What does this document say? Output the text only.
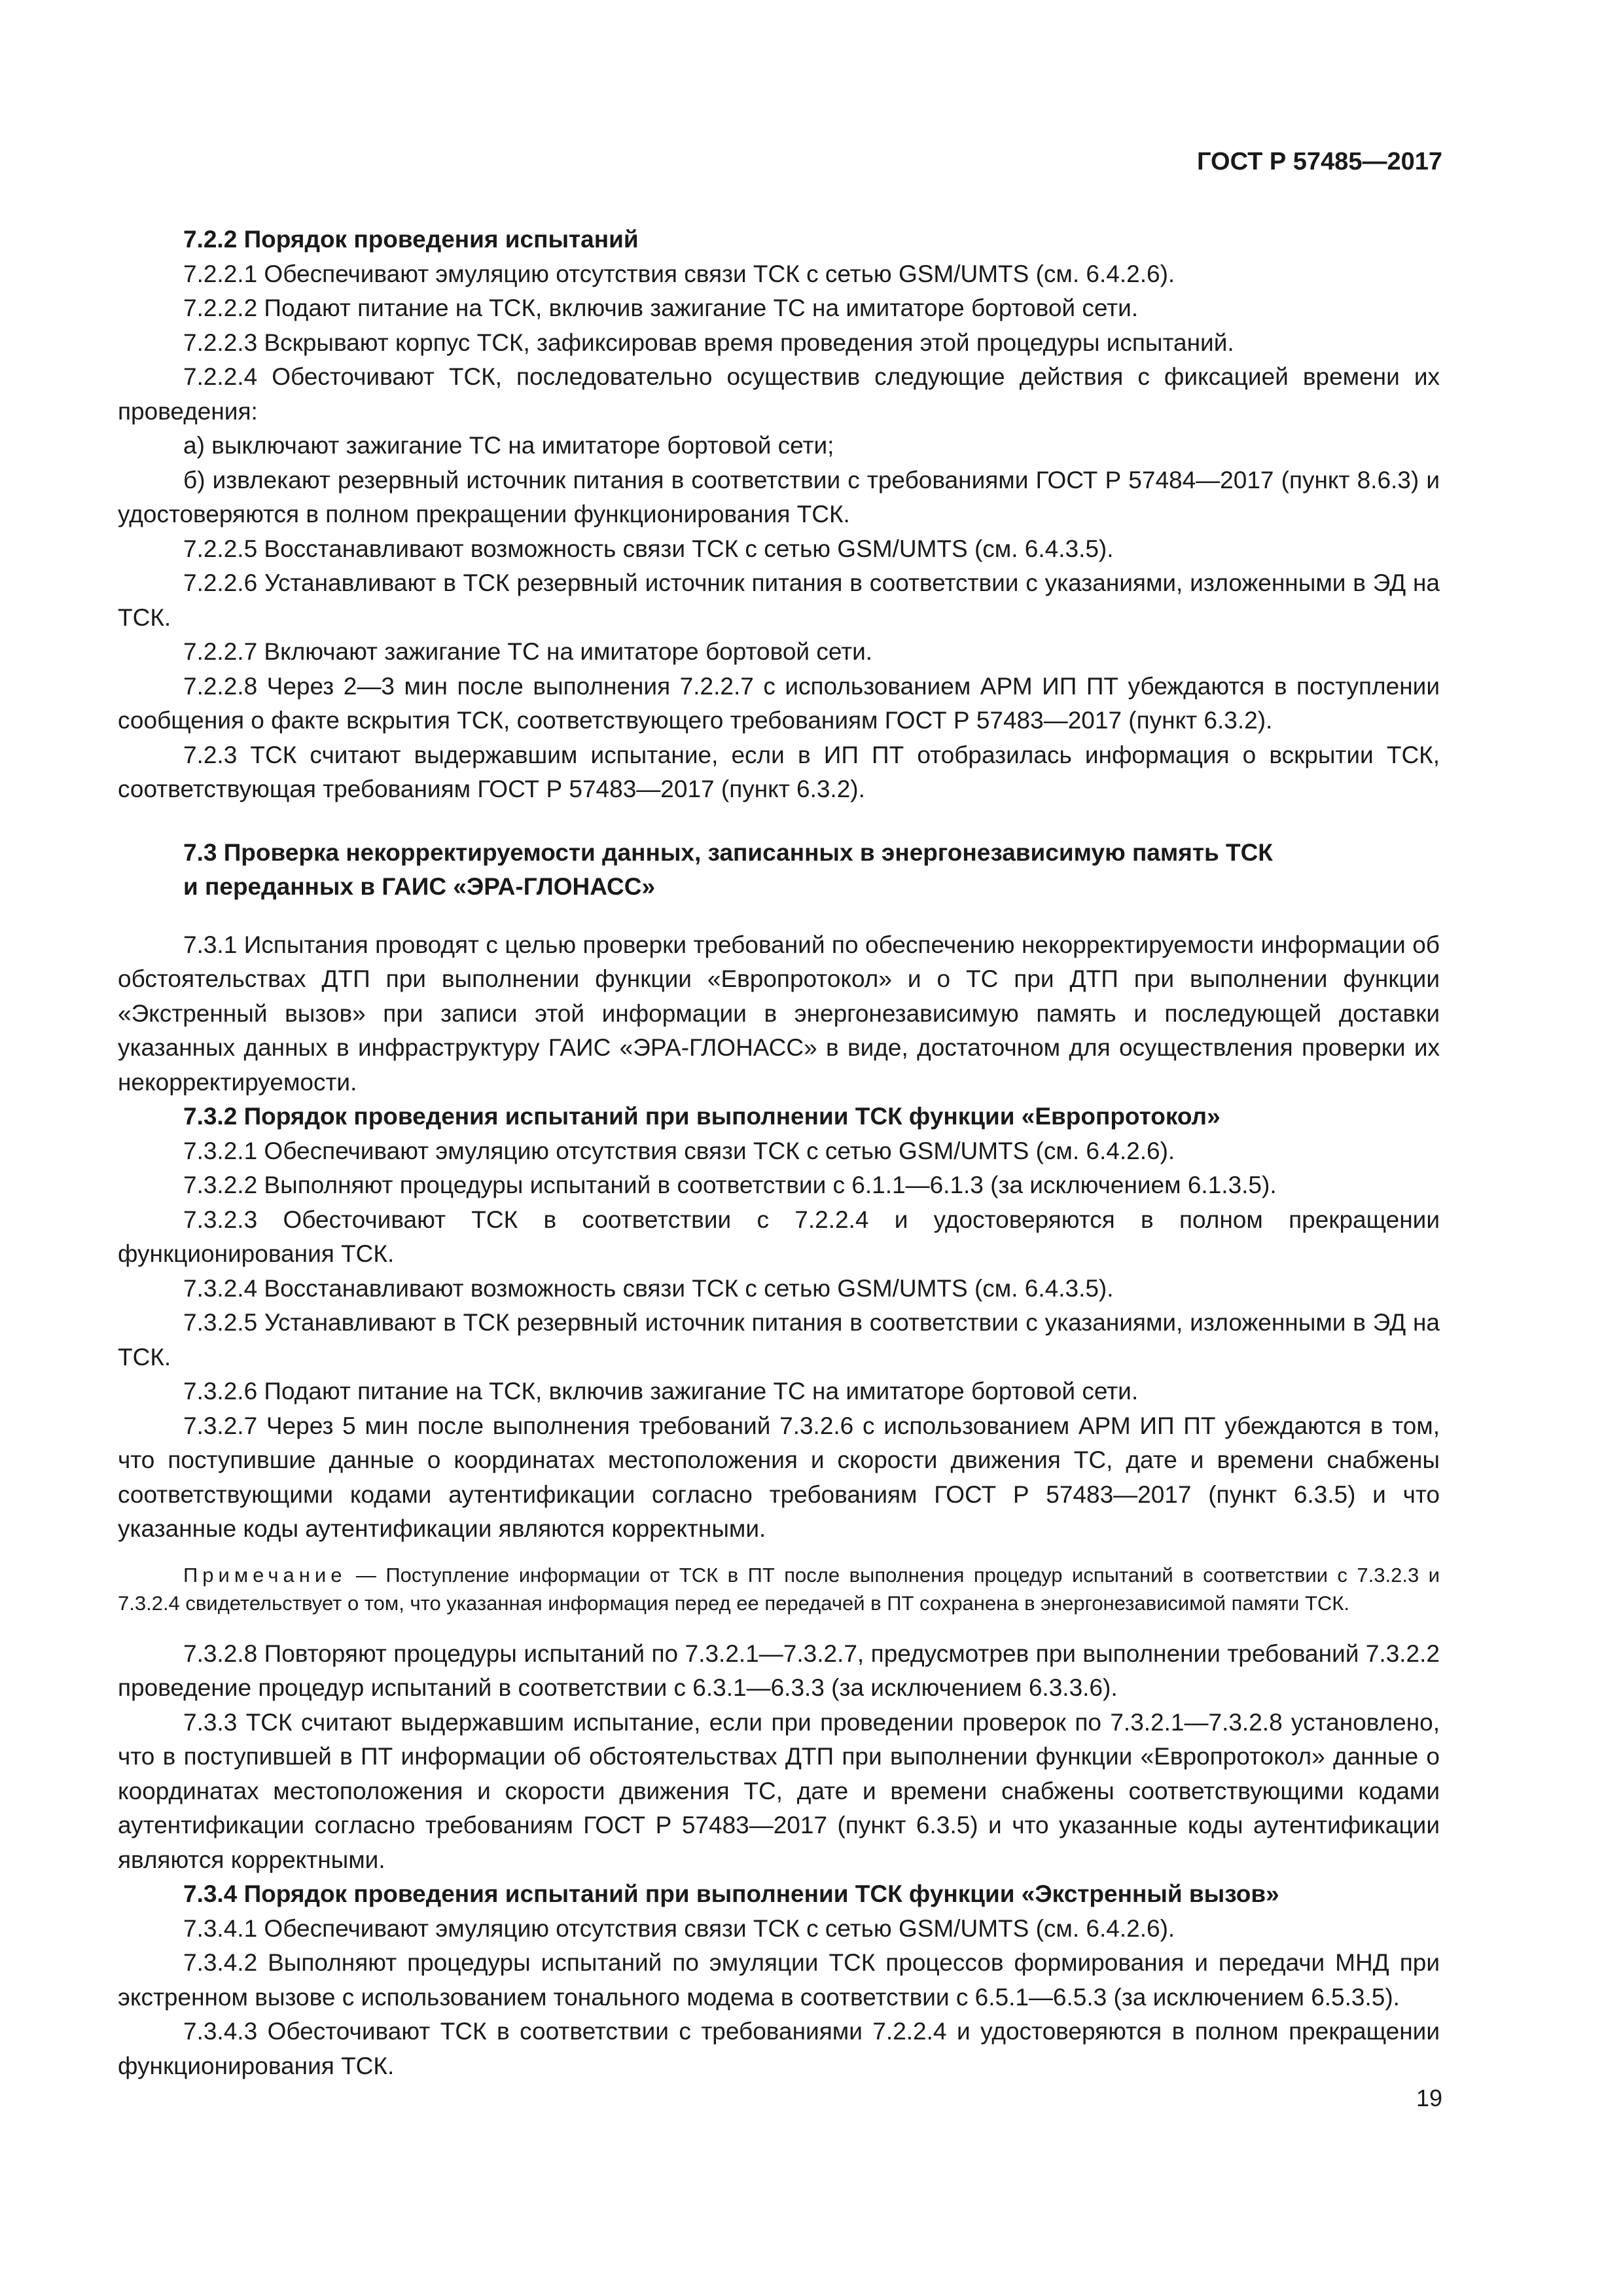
ГОСТ Р 57485—2017

7.2.2 Порядок проведения испытаний

7.2.2.1 Обеспечивают эмуляцию отсутствия связи ТСК с сетью GSM/UMTS (см. 6.4.2.6).

7.2.2.2 Подают питание на ТСК, включив зажигание ТС на имитаторе бортовой сети.

7.2.2.3 Вскрывают корпус ТСК, зафиксировав время проведения этой процедуры испытаний.

7.2.2.4 Обесточивают ТСК, последовательно осуществив следующие действия с фиксацией времени их проведения:

а) выключают зажигание ТС на имитаторе бортовой сети;

б) извлекают резервный источник питания в соответствии с требованиями ГОСТ Р 57484—2017 (пункт 8.6.3) и удостоверяются в полном прекращении функционирования ТСК.

7.2.2.5 Восстанавливают возможность связи ТСК с сетью GSM/UMTS (см. 6.4.3.5).

7.2.2.6 Устанавливают в ТСК резервный источник питания в соответствии с указаниями, изложенными в ЭД на ТСК.

7.2.2.7 Включают зажигание ТС на имитаторе бортовой сети.

7.2.2.8 Через 2—3 мин после выполнения 7.2.2.7 с использованием АРМ ИП ПТ убеждаются в поступлении сообщения о факте вскрытия ТСК, соответствующего требованиям ГОСТ Р 57483—2017 (пункт 6.3.2).

7.2.3 ТСК считают выдержавшим испытание, если в ИП ПТ отобразилась информация о вскрытии ТСК, соответствующая требованиям ГОСТ Р 57483—2017 (пункт 6.3.2).

7.3 Проверка некорректируемости данных, записанных в энергонезависимую память ТСК

и переданных в ГАИС «ЭРА-ГЛОНАСС»

7.3.1 Испытания проводят с целью проверки требований по обеспечению некорректируемости информации об обстоятельствах ДТП при выполнении функции «Европротокол» и о ТС при ДТП при выполнении функции «Экстренный вызов» при записи этой информации в энергонезависимую память и последующей доставки указанных данных в инфраструктуру ГАИС «ЭРА-ГЛОНАСС» в виде, достаточном для осуществления проверки их некорректируемости.

7.3.2 Порядок проведения испытаний при выполнении ТСК функции «Европротокол»

7.3.2.1 Обеспечивают эмуляцию отсутствия связи ТСК с сетью GSM/UMTS (см. 6.4.2.6).

7.3.2.2 Выполняют процедуры испытаний в соответствии с 6.1.1—6.1.3 (за исключением 6.1.3.5).

7.3.2.3 Обесточивают ТСК в соответствии с 7.2.2.4 и удостоверяются в полном прекращении функционирования ТСК.

7.3.2.4 Восстанавливают возможность связи ТСК с сетью GSM/UMTS (см. 6.4.3.5).

7.3.2.5 Устанавливают в ТСК резервный источник питания в соответствии с указаниями, изложенными в ЭД на ТСК.

7.3.2.6 Подают питание на ТСК, включив зажигание ТС на имитаторе бортовой сети.

7.3.2.7 Через 5 мин после выполнения требований 7.3.2.6 с использованием АРМ ИП ПТ убеждаются в том, что поступившие данные о координатах местоположения и скорости движения ТС, дате и времени снабжены соответствующими кодами аутентификации согласно требованиям ГОСТ Р 57483—2017 (пункт 6.3.5) и что указанные коды аутентификации являются корректными.

Примечание — Поступление информации от ТСК в ПТ после выполнения процедур испытаний в соответствии с 7.3.2.3 и 7.3.2.4 свидетельствует о том, что указанная информация перед ее передачей в ПТ сохранена в энергонезависимой памяти ТСК.

7.3.2.8 Повторяют процедуры испытаний по 7.3.2.1—7.3.2.7, предусмотрев при выполнении требований 7.3.2.2 проведение процедур испытаний в соответствии с 6.3.1—6.3.3 (за исключением 6.3.3.6).

7.3.3 ТСК считают выдержавшим испытание, если при проведении проверок по 7.3.2.1—7.3.2.8 установлено, что в поступившей в ПТ информации об обстоятельствах ДТП при выполнении функции «Европротокол» данные о координатах местоположения и скорости движения ТС, дате и времени снабжены соответствующими кодами аутентификации согласно требованиям ГОСТ Р 57483—2017 (пункт 6.3.5) и что указанные коды аутентификации являются корректными.

7.3.4 Порядок проведения испытаний при выполнении ТСК функции «Экстренный вызов»

7.3.4.1 Обеспечивают эмуляцию отсутствия связи ТСК с сетью GSM/UMTS (см. 6.4.2.6).

7.3.4.2 Выполняют процедуры испытаний по эмуляции ТСК процессов формирования и передачи МНД при экстренном вызове с использованием тонального модема в соответствии с 6.5.1—6.5.3 (за исключением 6.5.3.5).

7.3.4.3 Обесточивают ТСК в соответствии с требованиями 7.2.2.4 и удостоверяются в полном прекращении функционирования ТСК.

19
